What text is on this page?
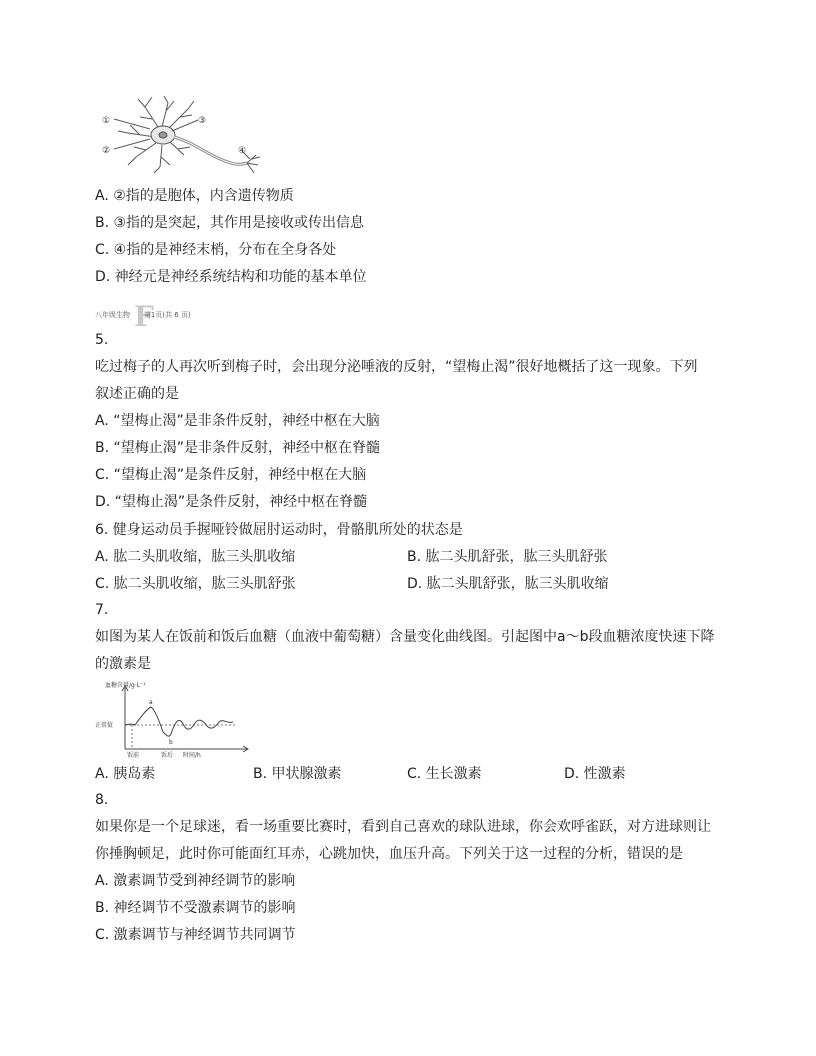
①
②
③
④
A. ②指的是胞体，内含遗传物质
B. ③指的是突起，其作用是接收或传出信息
C. ④指的是神经末梢，分布在全身各处
D. 神经元是神经系统结构和功能的基本单位
八年级生物 F第1页(共 6 页)
5.
吃过梅子的人再次听到梅子时，会出现分泌唾液的反射，“望梅止渴”很好地概括了这一现象。下列
叙述正确的是
A. “望梅止渴”是非条件反射，神经中枢在大脑
B. “望梅止渴”是非条件反射，神经中枢在脊髓
C. “望梅止渴”是条件反射，神经中枢在大脑
D. “望梅止渴”是条件反射，神经中枢在脊髓
6. 健身运动员手握哑铃做屈肘运动时，骨骼肌所处的状态是
A. 肱二头肌收缩，肱三头肌收缩	B. 肱二头肌舒张，肱三头肌舒张
C. 肱二头肌收缩，肱三头肌舒张	D. 肱二头肌舒张，肱三头肌收缩
7.
如图为某人在饭前和饭后血糖（血液中葡萄糖）含量变化曲线图。引起图中a～b段血糖浓度快速下降
的激素是
血糖含量/g·L⁻¹
正常值
a
b
饭前	饭后 时间/h
A. 胰岛素	B. 甲状腺激素	C. 生长激素	D. 性激素
8.
如果你是一个足球迷，看一场重要比赛时，看到自己喜欢的球队进球，你会欢呼雀跃，对方进球则让
你捶胸顿足，此时你可能面红耳赤，心跳加快，血压升高。下列关于这一过程的分析，错误的是
A. 激素调节受到神经调节的影响
B. 神经调节不受激素调节的影响
C. 激素调节与神经调节共同调节
